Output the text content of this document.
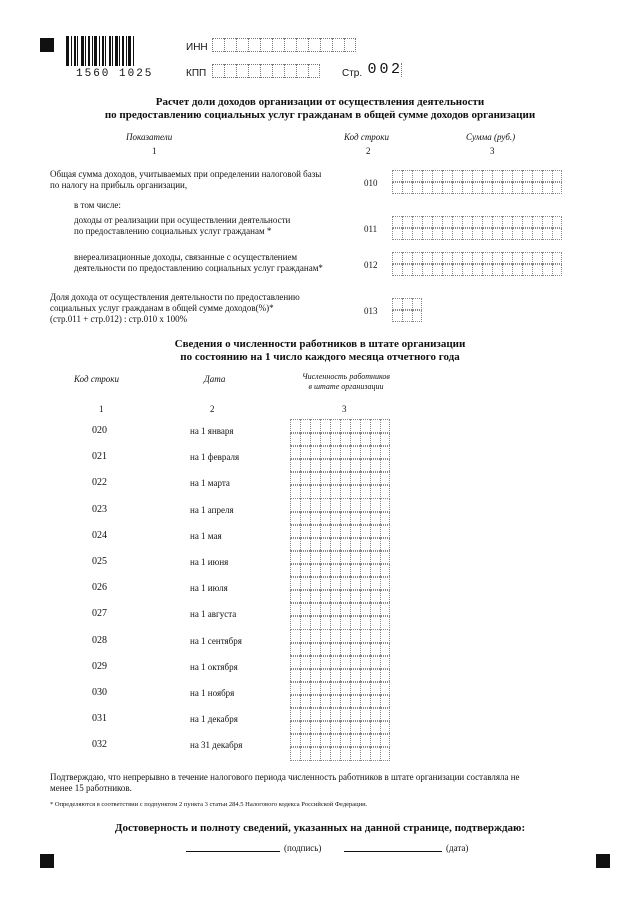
1560 1025
ИНН
КПП	Стр. 0 0 2
Расчет доли доходов организации от осуществления деятельности
по предоставлению социальных услуг гражданам в общей сумме доходов организации
Показатели	Код строки	Сумма (руб.)
1	2	3
Общая сумма доходов, учитываемых при определении налоговой базы
по налогу на прибыль организации,	010
в том числе:
доходы от реализации при осуществлении деятельности
по предоставлению социальных услуг гражданам *	011
внереализационные доходы, связанные с осуществлением
деятельности по предоставлению социальных услуг гражданам*	012
Доля дохода от осуществления деятельности по предоставлению
социальных услуг гражданам в общей сумме доходов(%)*
(стр.011 + стр.012) : стр.010 х 100%
013
Сведения о численности работников в штате организации
по состоянию на 1 число каждого месяца отчетного года
Код строки	Дата	Численность работников
в штате организации
1	2	3
020	на 1 января
021	на 1 февраля
022	на 1 марта
023	на 1 апреля
024	на 1 мая
025	на 1 июня
026	на 1 июля
027	на 1 августа
028	на 1 сентября
029	на 1 октября
030	на 1 ноября
031	на 1 декабря
032	на 31 декабря
Подтверждаю, что непрерывно в течение налогового периода численность работников в штате организации составляла не
менее 15 работников.
* Определяются в соответствии с подпунктом 2 пункта 3 статьи 284.5 Налогового кодекса Российской Федерации.
Достоверность и полноту сведений, указанных на данной странице, подтверждаю:
(подпись)	(дата)
